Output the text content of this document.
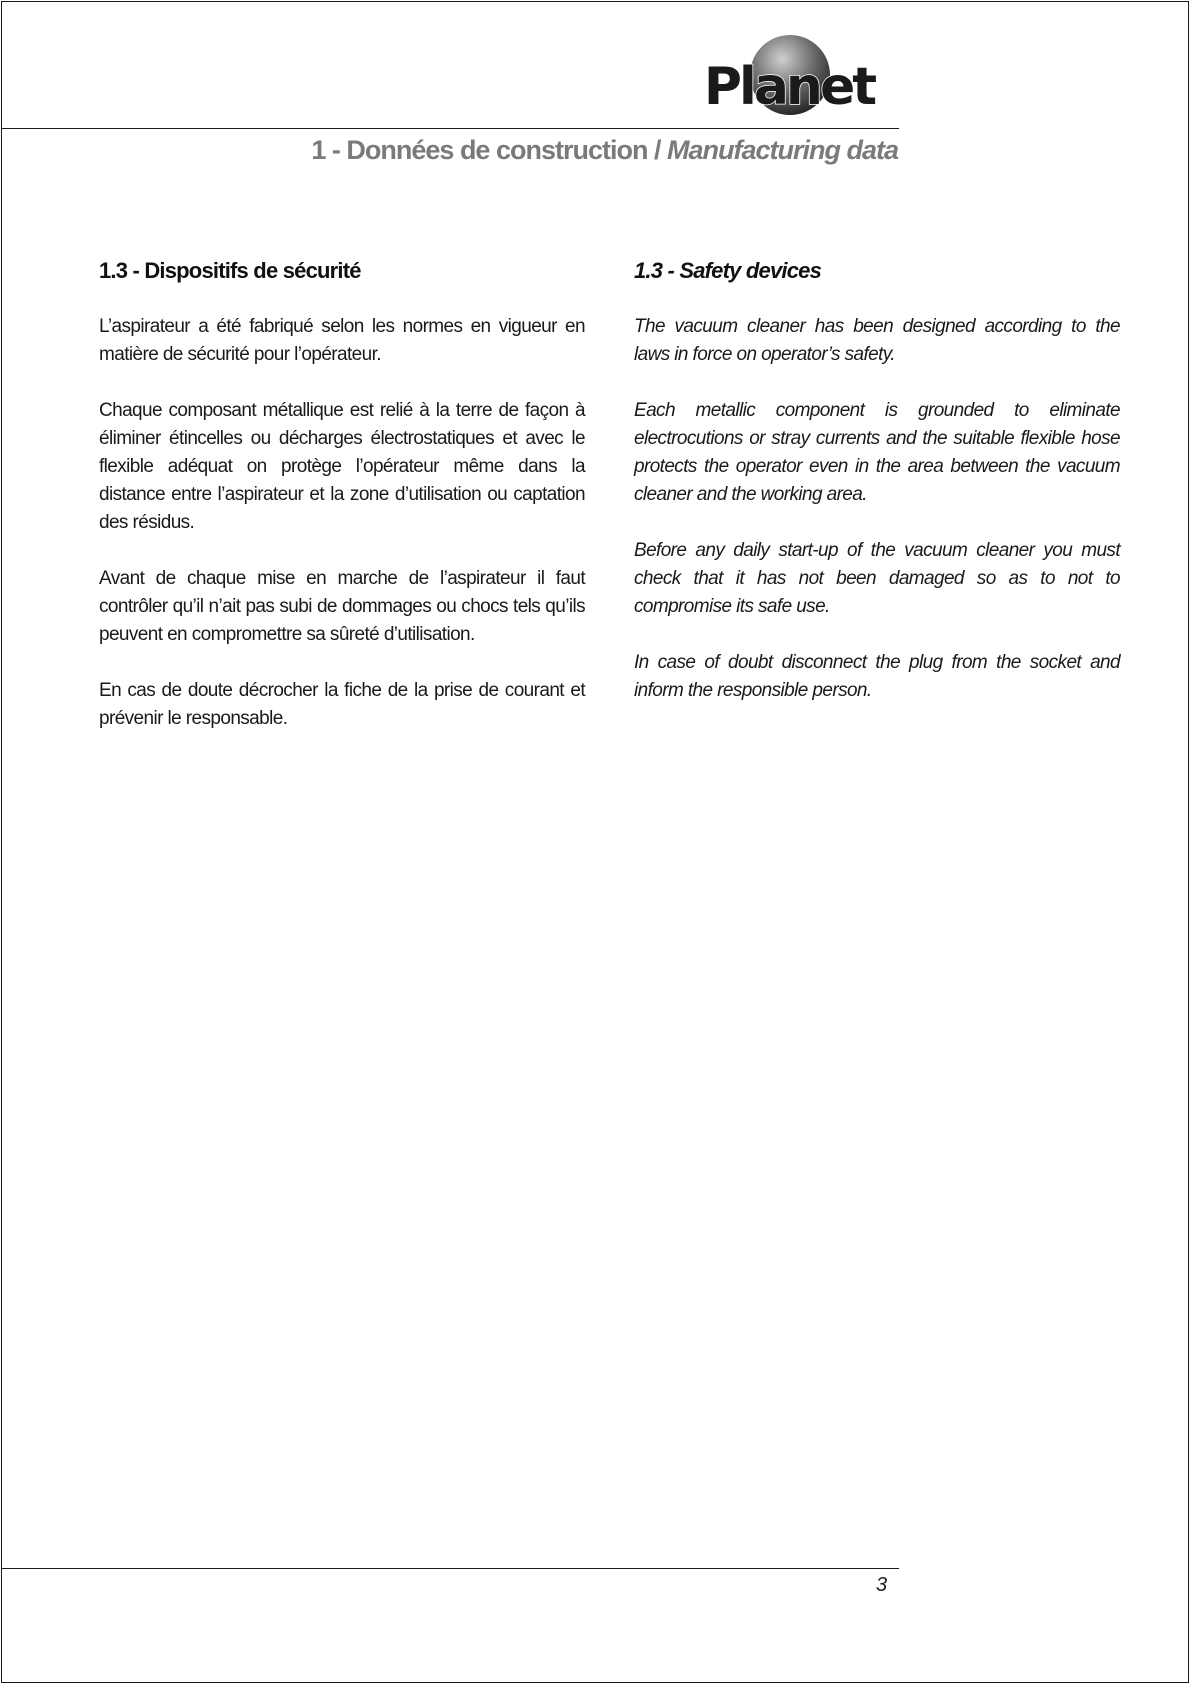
Planet
1 - Données de construction / Manufacturing data
1.3 - Dispositifs de sécurité

L’aspirateur a été fabriqué selon les normes en vigueur en matière de sécurité pour l’opérateur.

Chaque composant métallique est relié à la terre de façon à éliminer étincelles ou décharges électrostatiques et avec le flexible adéquat on protège l’opérateur même dans la distance entre l’aspirateur et la zone d’utilisation ou captation des résidus.

Avant de chaque mise en marche de l’aspirateur il faut contrôler qu’il n’ait pas subi de dommages ou chocs tels qu’ils peuvent en compromettre sa sûreté d’utilisation.

En cas de doute décrocher la fiche de la prise de courant et prévenir le responsable.

1.3 - Safety devices

The vacuum cleaner has been designed according to the laws in force on operator’s safety.

Each metallic component is grounded to eliminate electrocutions or stray currents and the suitable flexible hose protects the operator even in the area between the vacuum cleaner and the working area.

Before any daily start-up of the vacuum cleaner you must check that it has not been damaged so as to not to compromise its safe use.

In case of doubt disconnect the plug from the socket and inform the responsible person.

3
